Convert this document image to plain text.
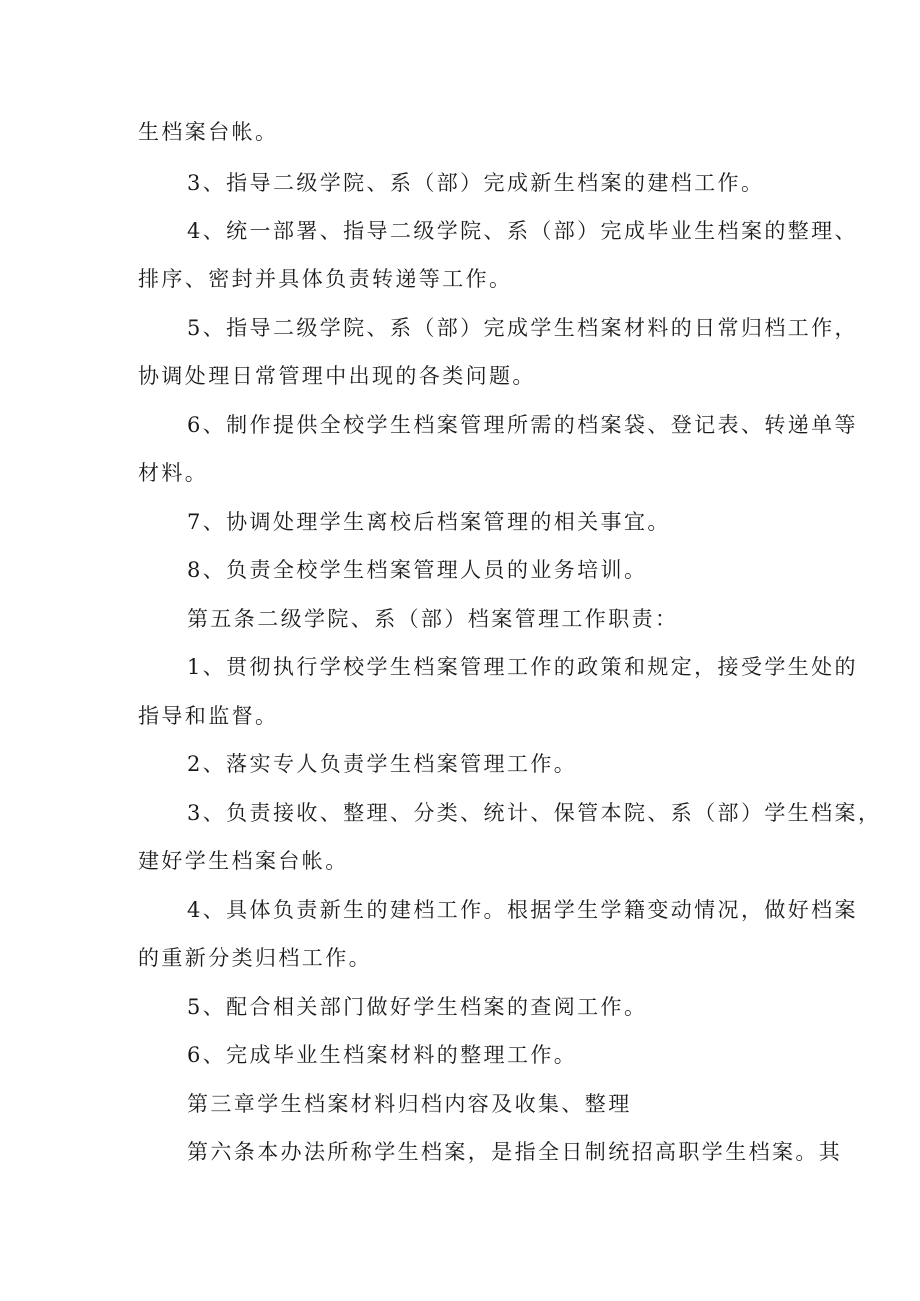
生档案台帐。
3、指导二级学院、系（部）完成新生档案的建档工作。
4、统一部署、指导二级学院、系（部）完成毕业生档案的整理、
排序、密封并具体负责转递等工作。
5、指导二级学院、系（部）完成学生档案材料的日常归档工作，
协调处理日常管理中出现的各类问题。
6、制作提供全校学生档案管理所需的档案袋、登记表、转递单等
材料。
7、协调处理学生离校后档案管理的相关事宜。
8、负责全校学生档案管理人员的业务培训。
第五条二级学院、系（部）档案管理工作职责：
1、贯彻执行学校学生档案管理工作的政策和规定，接受学生处的
指导和监督。
2、落实专人负责学生档案管理工作。
3、负责接收、整理、分类、统计、保管本院、系（部）学生档案，
建好学生档案台帐。
4、具体负责新生的建档工作。根据学生学籍变动情况，做好档案
的重新分类归档工作。
5、配合相关部门做好学生档案的查阅工作。
6、完成毕业生档案材料的整理工作。
第三章学生档案材料归档内容及收集、整理
第六条本办法所称学生档案，是指全日制统招高职学生档案。其
